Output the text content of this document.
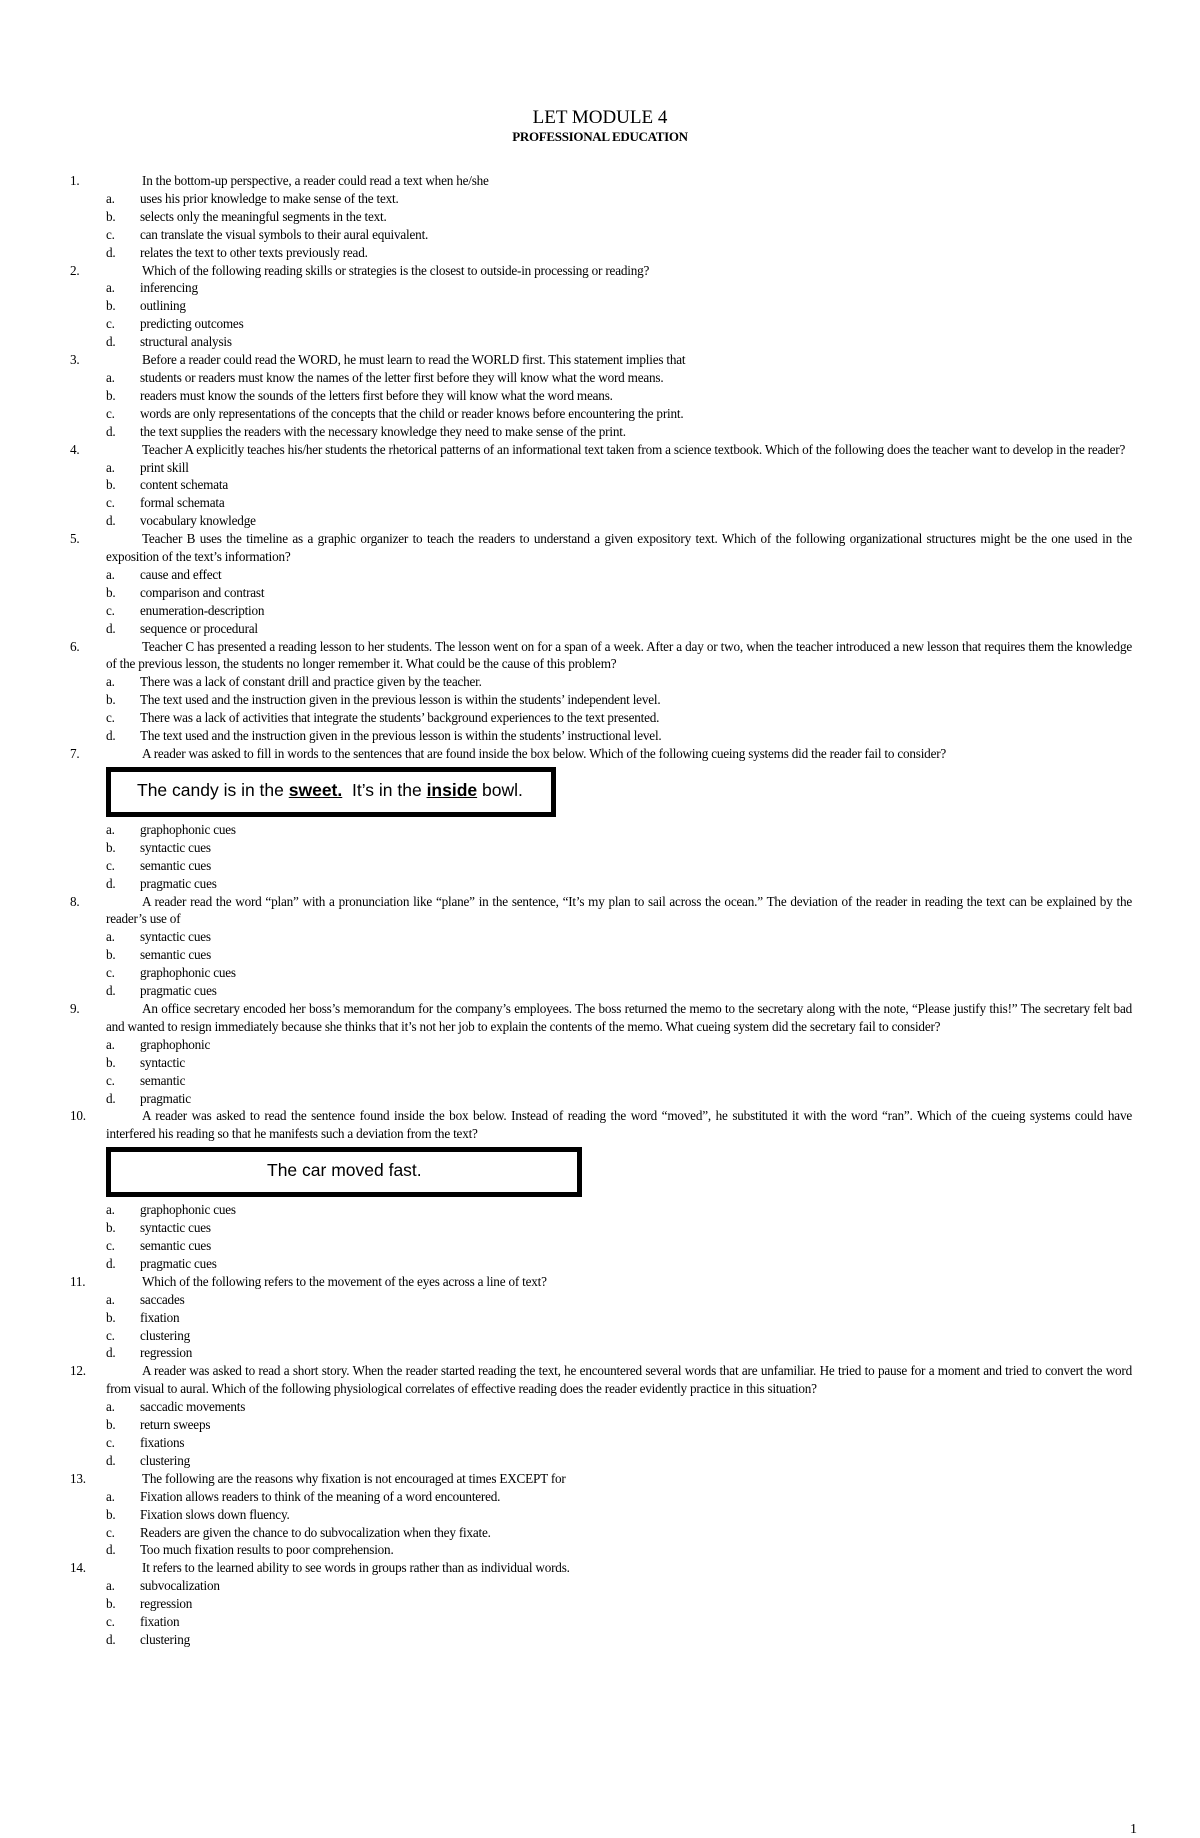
LET MODULE 4
PROFESSIONAL EDUCATION
1.	In the bottom-up perspective, a reader could read a text when he/she
a. uses his prior knowledge to make sense of the text.
b. selects only the meaningful segments in the text.
c. can translate the visual symbols to their aural equivalent.
d. relates the text to other texts previously read.
2.	Which of the following reading skills or strategies is the closest to outside-in processing or reading?
a. inferencing
b. outlining
c. predicting outcomes
d. structural analysis
3.	Before a reader could read the WORD, he must learn to read the WORLD first. This statement implies that
a. students or readers must know the names of the letter first before they will know what the word means.
b. readers must know the sounds of the letters first before they will know what the word means.
c. words are only representations of the concepts that the child or reader knows before encountering the print.
d. the text supplies the readers with the necessary knowledge they need to make sense of the print.
4.	Teacher A explicitly teaches his/her students the rhetorical patterns of an informational text taken from a science textbook. Which of the following does the teacher want to develop in the reader?
a. print skill
b. content schemata
c. formal schemata
d. vocabulary knowledge
5.	Teacher B uses the timeline as a graphic organizer to teach the readers to understand a given expository text. Which of the following organizational structures might be the one used in the exposition of the text’s information?
a. cause and effect
b. comparison and contrast
c. enumeration-description
d. sequence or procedural
6.	Teacher C has presented a reading lesson to her students. The lesson went on for a span of a week. After a day or two, when the teacher introduced a new lesson that requires them the knowledge of the previous lesson, the students no longer remember it. What could be the cause of this problem?
a. There was a lack of constant drill and practice given by the teacher.
b. The text used and the instruction given in the previous lesson is within the students’ independent level.
c. There was a lack of activities that integrate the students’ background experiences to the text presented.
d. The text used and the instruction given in the previous lesson is within the students’ instructional level.
7.	A reader was asked to fill in words to the sentences that are found inside the box below. Which of the following cueing systems did the reader fail to consider?
The candy is in the sweet.  It’s in the inside bowl.
a. graphophonic cues
b. syntactic cues
c. semantic cues
d. pragmatic cues
8.	A reader read the word “plan” with a pronunciation like “plane” in the sentence, “It’s my plan to sail across the ocean.” The deviation of the reader in reading the text can be explained by the reader’s use of
a. syntactic cues
b. semantic cues
c. graphophonic cues
d. pragmatic cues
9.	An office secretary encoded her boss’s memorandum for the company’s employees. The boss returned the memo to the secretary along with the note, “Please justify this!” The secretary felt bad and wanted to resign immediately because she thinks that it’s not her job to explain the contents of the memo. What cueing system did the secretary fail to consider?
a. graphophonic
b. syntactic
c. semantic
d. pragmatic
10.	A reader was asked to read the sentence found inside the box below. Instead of reading the word “moved”, he substituted it with the word “ran”. Which of the cueing systems could have interfered his reading so that he manifests such a deviation from the text?
The car moved fast.
a. graphophonic cues
b. syntactic cues
c. semantic cues
d. pragmatic cues
11.	Which of the following refers to the movement of the eyes across a line of text?
a. saccades
b. fixation
c. clustering
d. regression
12.	A reader was asked to read a short story. When the reader started reading the text, he encountered several words that are unfamiliar. He tried to pause for a moment and tried to convert the word from visual to aural. Which of the following physiological correlates of effective reading does the reader evidently practice in this situation?
a. saccadic movements
b. return sweeps
c. fixations
d. clustering
13.	The following are the reasons why fixation is not encouraged at times EXCEPT for
a. Fixation allows readers to think of the meaning of a word encountered.
b. Fixation slows down fluency.
c. Readers are given the chance to do subvocalization when they fixate.
d. Too much fixation results to poor comprehension.
14.	It refers to the learned ability to see words in groups rather than as individual words.
a. subvocalization
b. regression
c. fixation
d. clustering
1
